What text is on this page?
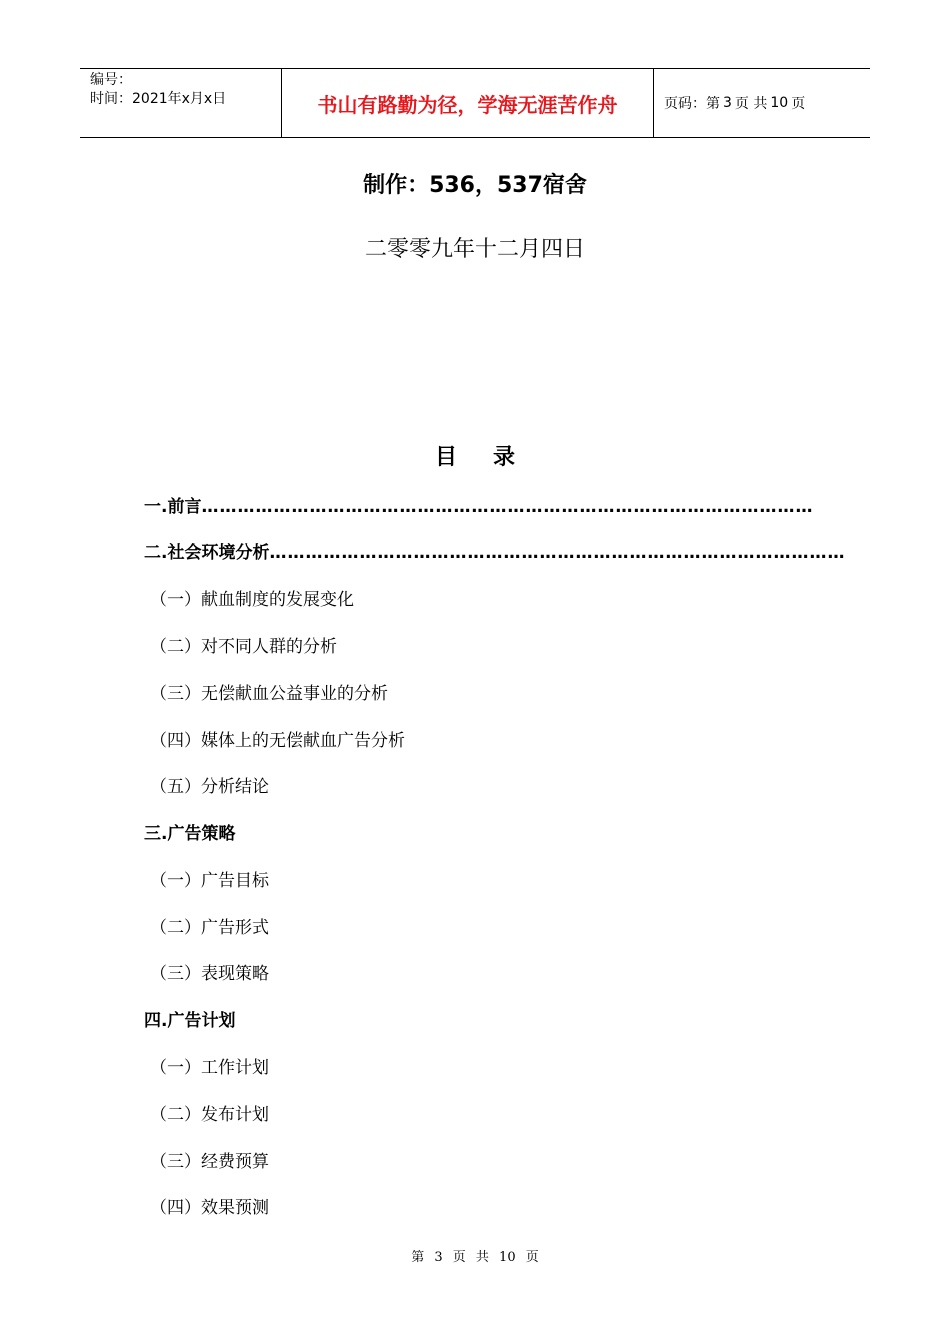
编号：
时间：2021年x月x日	书山有路勤为径，学海无涯苦作舟	页码：第 3 页 共 10 页
制作：536，537宿舍
二零零九年十二月四日
目录
一.前言…………………………………………………………………………………………
二.社会环境分析……………………………………………………………………………………
（一）献血制度的发展变化
（二）对不同人群的分析
（三）无偿献血公益事业的分析
（四）媒体上的无偿献血广告分析
（五）分析结论
三.广告策略
（一）广告目标
（二）广告形式
（三）表现策略
四.广告计划
（一）工作计划
（二）发布计划
（三）经费预算
（四）效果预测
第 3 页 共 10 页
